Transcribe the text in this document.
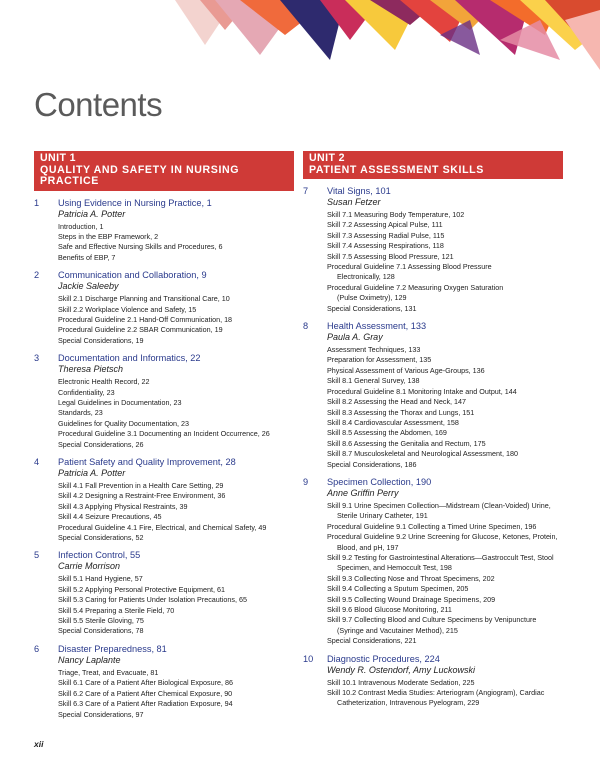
Contents
UNIT 1
QUALITY AND SAFETY IN NURSING
PRACTICE
1 Using Evidence in Nursing Practice, 1
Patricia A. Potter
Introduction, 1
Steps in the EBP Framework, 2
Safe and Effective Nursing Skills and Procedures, 6
Benefits of EBP, 7
2 Communication and Collaboration, 9
Jackie Saleeby
Skill 2.1 Discharge Planning and Transitional Care, 10
Skill 2.2 Workplace Violence and Safety, 15
Procedural Guideline 2.1 Hand-Off Communication, 18
Procedural Guideline 2.2 SBAR Communication, 19
Special Considerations, 19
3 Documentation and Informatics, 22
Theresa Pietsch
Electronic Health Record, 22
Confidentiality, 23
Legal Guidelines in Documentation, 23
Standards, 23
Guidelines for Quality Documentation, 23
Procedural Guideline 3.1 Documenting an Incident Occurrence, 26
Special Considerations, 26
4 Patient Safety and Quality Improvement, 28
Patricia A. Potter
Skill 4.1 Fall Prevention in a Health Care Setting, 29
Skill 4.2 Designing a Restraint-Free Environment, 36
Skill 4.3 Applying Physical Restraints, 39
Skill 4.4 Seizure Precautions, 45
Procedural Guideline 4.1 Fire, Electrical, and Chemical Safety, 49
Special Considerations, 52
5 Infection Control, 55
Carrie Morrison
Skill 5.1 Hand Hygiene, 57
Skill 5.2 Applying Personal Protective Equipment, 61
Skill 5.3 Caring for Patients Under Isolation Precautions, 65
Skill 5.4 Preparing a Sterile Field, 70
Skill 5.5 Sterile Gloving, 75
Special Considerations, 78
6 Disaster Preparedness, 81
Nancy Laplante
Triage, Treat, and Evacuate, 81
Skill 6.1 Care of a Patient After Biological Exposure, 86
Skill 6.2 Care of a Patient After Chemical Exposure, 90
Skill 6.3 Care of a Patient After Radiation Exposure, 94
Special Considerations, 97
UNIT 2
PATIENT ASSESSMENT SKILLS
7 Vital Signs, 101
Susan Fetzer
Skill 7.1 Measuring Body Temperature, 102
Skill 7.2 Assessing Apical Pulse, 111
Skill 7.3 Assessing Radial Pulse, 115
Skill 7.4 Assessing Respirations, 118
Skill 7.5 Assessing Blood Pressure, 121
Procedural Guideline 7.1 Assessing Blood Pressure
Electronically, 128
Procedural Guideline 7.2 Measuring Oxygen Saturation
(Pulse Oximetry), 129
Special Considerations, 131
8 Health Assessment, 133
Paula A. Gray
Assessment Techniques, 133
Preparation for Assessment, 135
Physical Assessment of Various Age-Groups, 136
Skill 8.1 General Survey, 138
Procedural Guideline 8.1 Monitoring Intake and Output, 144
Skill 8.2 Assessing the Head and Neck, 147
Skill 8.3 Assessing the Thorax and Lungs, 151
Skill 8.4 Cardiovascular Assessment, 158
Skill 8.5 Assessing the Abdomen, 169
Skill 8.6 Assessing the Genitalia and Rectum, 175
Skill 8.7 Musculoskeletal and Neurological Assessment, 180
Special Considerations, 186
9 Specimen Collection, 190
Anne Griffin Perry
Skill 9.1 Urine Specimen Collection—Midstream (Clean-Voided) Urine,
Sterile Urinary Catheter, 191
Procedural Guideline 9.1 Collecting a Timed Urine Specimen, 196
Procedural Guideline 9.2 Urine Screening for Glucose, Ketones, Protein,
Blood, and pH, 197
Skill 9.2 Testing for Gastrointestinal Alterations—Gastroccult Test, Stool
Specimen, and Hemoccult Test, 198
Skill 9.3 Collecting Nose and Throat Specimens, 202
Skill 9.4 Collecting a Sputum Specimen, 205
Skill 9.5 Collecting Wound Drainage Specimens, 209
Skill 9.6 Blood Glucose Monitoring, 211
Skill 9.7 Collecting Blood and Culture Specimens by Venipuncture
(Syringe and Vacutainer Method), 215
Special Considerations, 221
10 Diagnostic Procedures, 224
Wendy R. Ostendorf, Amy Luckowski
Skill 10.1 Intravenous Moderate Sedation, 225
Skill 10.2 Contrast Media Studies: Arteriogram (Angiogram), Cardiac
Catheterization, Intravenous Pyelogram, 229
xii
